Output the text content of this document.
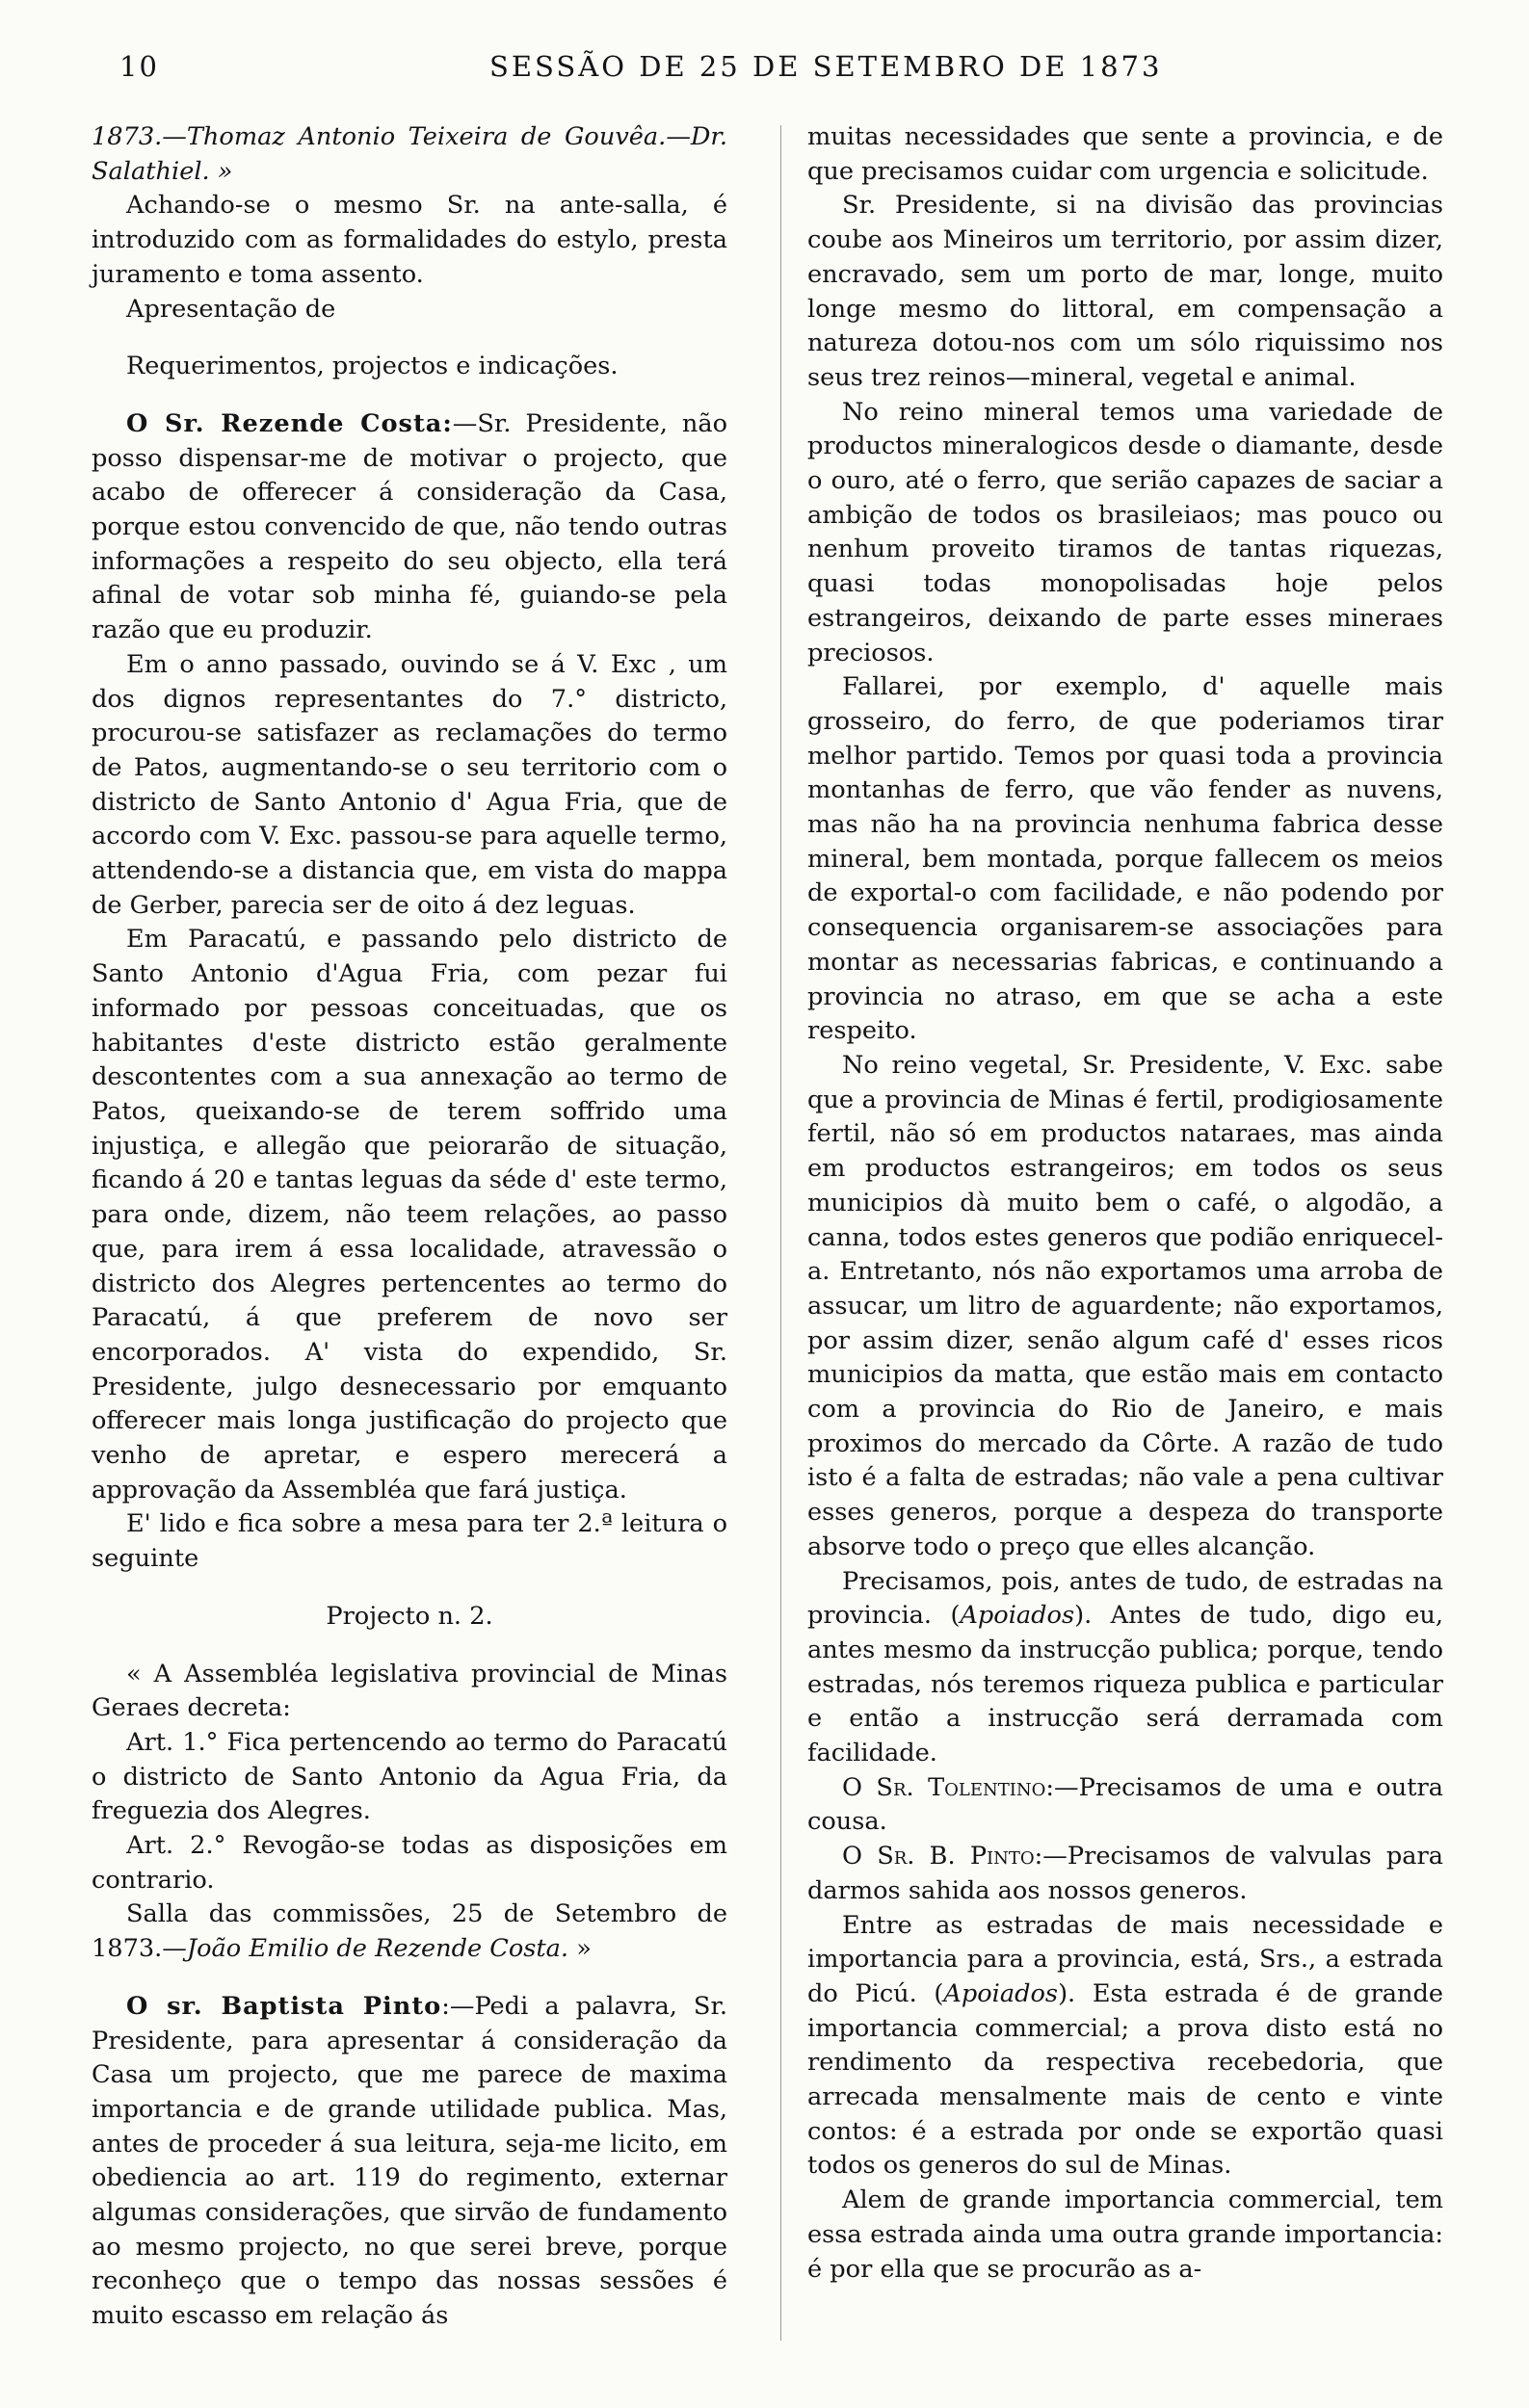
10	SESSÃO DE 25 DE SETEMBRO DE 1873

1873.—Thomaz Antonio Teixeira de Gouvêa.—Dr. Salathiel. »

Achando-se o mesmo Sr. na ante-salla, é introduzido com as formalidades do estylo, presta juramento e toma assento.

Apresentação de

Requerimentos, projectos e indicações.

O Sr. Rezende Costa:—Sr. Presidente, não posso dispensar-me de motivar o projecto, que acabo de offerecer á consideração da Casa, porque estou convencido de que, não tendo outras informações a respeito do seu objecto, ella terá afinal de votar sob minha fé, guiando-se pela razão que eu produzir.

Em o anno passado, ouvindo se á V. Exc , um dos dignos representantes do 7.° districto, procurou-se satisfazer as reclamações do termo de Patos, augmentando-se o seu territorio com o districto de Santo Antonio d' Agua Fria, que de accordo com V. Exc. passou-se para aquelle termo, attendendo-se a distancia que, em vista do mappa de Gerber, parecia ser de oito á dez leguas.

Em Paracatú, e passando pelo districto de Santo Antonio d'Agua Fria, com pezar fui informado por pessoas conceituadas, que os habitantes d'este districto estão geralmente descontentes com a sua annexação ao termo de Patos, queixando-se de terem soffrido uma injustiça, e allegão que peiorarão de situação, ficando á 20 e tantas leguas da séde d' este termo, para onde, dizem, não teem relações, ao passo que, para irem á essa localidade, atravessão o districto dos Alegres pertencentes ao termo do Paracatú, á que preferem de novo ser encorporados. A' vista do expendido, Sr. Presidente, julgo desnecessario por emquanto offerecer mais longa justificação do projecto que venho de apretar, e espero merecerá a approvação da Assembléa que fará justiça.

E' lido e fica sobre a mesa para ter 2.ª leitura o seguinte

Projecto n. 2.

« A Assembléa legislativa provincial de Minas Geraes decreta:

Art. 1.° Fica pertencendo ao termo do Paracatú o districto de Santo Antonio da Agua Fria, da freguezia dos Alegres.

Art. 2.° Revogão-se todas as disposições em contrario.

Salla das commissões, 25 de Setembro de 1873.—João Emilio de Rezende Costa. »

O sr. Baptista Pinto:—Pedi a palavra, Sr. Presidente, para apresentar á consideração da Casa um projecto, que me parece de maxima importancia e de grande utilidade publica. Mas, antes de proceder á sua leitura, seja-me licito, em obediencia ao art. 119 do regimento, externar algumas considerações, que sirvão de fundamento ao mesmo projecto, no que serei breve, porque reconheço que o tempo das nossas sessões é muito escasso em relação ás

muitas necessidades que sente a provincia, e de que precisamos cuidar com urgencia e solicitude.

Sr. Presidente, si na divisão das provincias coube aos Mineiros um territorio, por assim dizer, encravado, sem um porto de mar, longe, muito longe mesmo do littoral, em compensação a natureza dotou-nos com um sólo riquissimo nos seus trez reinos—mineral, vegetal e animal.

No reino mineral temos uma variedade de productos mineralogicos desde o diamante, desde o ouro, até o ferro, que serião capazes de saciar a ambição de todos os brasileiaos; mas pouco ou nenhum proveito tiramos de tantas riquezas, quasi todas monopolisadas hoje pelos estrangeiros, deixando de parte esses mineraes preciosos.

Fallarei, por exemplo, d' aquelle mais grosseiro, do ferro, de que poderiamos tirar melhor partido. Temos por quasi toda a provincia montanhas de ferro, que vão fender as nuvens, mas não ha na provincia nenhuma fabrica desse mineral, bem montada, porque fallecem os meios de exportal-o com facilidade, e não podendo por consequencia organisarem-se associações para montar as necessarias fabricas, e continuando a provincia no atraso, em que se acha a este respeito.

No reino vegetal, Sr. Presidente, V. Exc. sabe que a provincia de Minas é fertil, prodigiosamente fertil, não só em productos nataraes, mas ainda em productos estrangeiros; em todos os seus municipios dà muito bem o café, o algodão, a canna, todos estes generos que podião enriquecel-a. Entretanto, nós não exportamos uma arroba de assucar, um litro de aguardente; não exportamos, por assim dizer, senão algum café d' esses ricos municipios da matta, que estão mais em contacto com a provincia do Rio de Janeiro, e mais proximos do mercado da Côrte. A razão de tudo isto é a falta de estradas; não vale a pena cultivar esses generos, porque a despeza do transporte absorve todo o preço que elles alcanção.

Precisamos, pois, antes de tudo, de estradas na provincia. (Apoiados). Antes de tudo, digo eu, antes mesmo da instrucção publica; porque, tendo estradas, nós teremos riqueza publica e particular e então a instrucção será derramada com facilidade.

O Sr. Tolentino:—Precisamos de uma e outra cousa.

O Sr. B. Pinto:—Precisamos de valvulas para darmos sahida aos nossos generos.

Entre as estradas de mais necessidade e importancia para a provincia, está, Srs., a estrada do Picú. (Apoiados). Esta estrada é de grande importancia commercial; a prova disto está no rendimento da respectiva recebedoria, que arrecada mensalmente mais de cento e vinte contos: é a estrada por onde se exportão quasi todos os generos do sul de Minas.

Alem de grande importancia commercial, tem essa estrada ainda uma outra grande importancia: é por ella que se procurão as a-
